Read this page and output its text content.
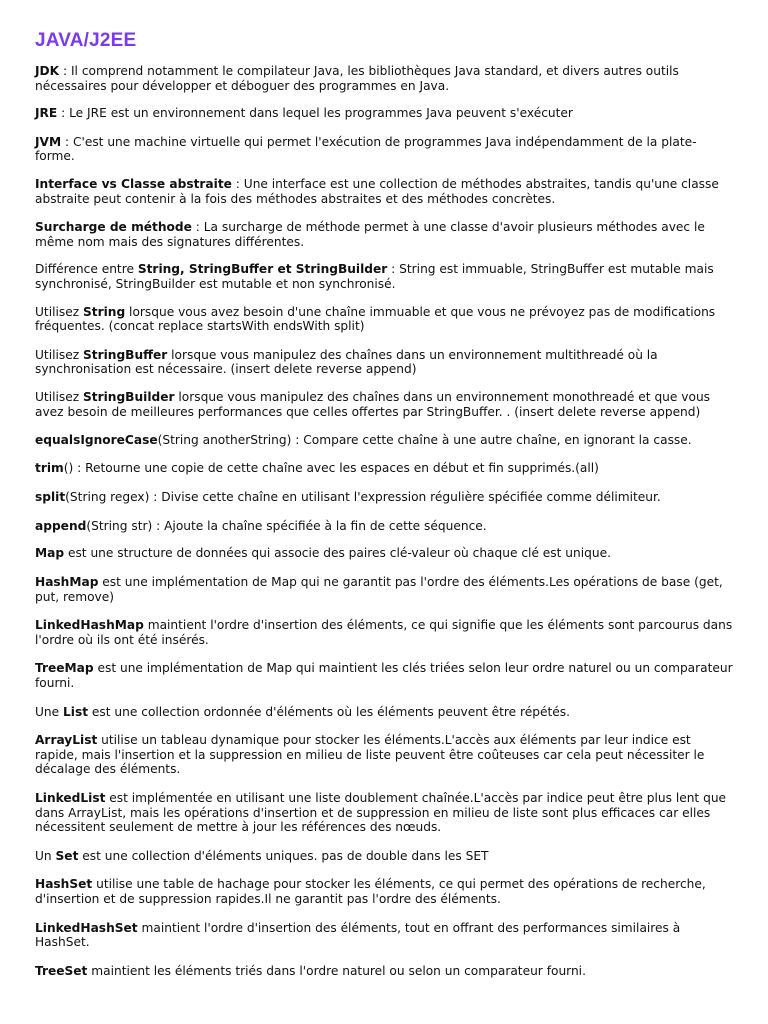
JAVA/J2EE

JDK : Il comprend notamment le compilateur Java, les bibliothèques Java standard, et divers autres outils nécessaires pour développer et déboguer des programmes en Java.

JRE : Le JRE est un environnement dans lequel les programmes Java peuvent s'exécuter

JVM : C'est une machine virtuelle qui permet l'exécution de programmes Java indépendamment de la plate-forme.

Interface vs Classe abstraite : Une interface est une collection de méthodes abstraites, tandis qu'une classe abstraite peut contenir à la fois des méthodes abstraites et des méthodes concrètes.

Surcharge de méthode : La surcharge de méthode permet à une classe d'avoir plusieurs méthodes avec le même nom mais des signatures différentes.

Différence entre String, StringBuffer et StringBuilder : String est immuable, StringBuffer est mutable mais synchronisé, StringBuilder est mutable et non synchronisé.

Utilisez String lorsque vous avez besoin d'une chaîne immuable et que vous ne prévoyez pas de modifications fréquentes. (concat replace startsWith endsWith split)

Utilisez StringBuffer lorsque vous manipulez des chaînes dans un environnement multithreadé où la synchronisation est nécessaire. (insert delete reverse append)

Utilisez StringBuilder lorsque vous manipulez des chaînes dans un environnement monothreadé et que vous avez besoin de meilleures performances que celles offertes par StringBuffer. . (insert delete reverse append)

equalsIgnoreCase(String anotherString) : Compare cette chaîne à une autre chaîne, en ignorant la casse.

trim() : Retourne une copie de cette chaîne avec les espaces en début et fin supprimés.(all)

split(String regex) : Divise cette chaîne en utilisant l'expression régulière spécifiée comme délimiteur.

append(String str) : Ajoute la chaîne spécifiée à la fin de cette séquence.

Map est une structure de données qui associe des paires clé-valeur où chaque clé est unique.

HashMap est une implémentation de Map qui ne garantit pas l'ordre des éléments.Les opérations de base (get, put, remove)

LinkedHashMap maintient l'ordre d'insertion des éléments, ce qui signifie que les éléments sont parcourus dans l'ordre où ils ont été insérés.

TreeMap est une implémentation de Map qui maintient les clés triées selon leur ordre naturel ou un comparateur fourni.

Une List est une collection ordonnée d'éléments où les éléments peuvent être répétés.

ArrayList utilise un tableau dynamique pour stocker les éléments.L'accès aux éléments par leur indice est rapide, mais l'insertion et la suppression en milieu de liste peuvent être coûteuses car cela peut nécessiter le décalage des éléments.

LinkedList est implémentée en utilisant une liste doublement chaînée.L'accès par indice peut être plus lent que dans ArrayList, mais les opérations d'insertion et de suppression en milieu de liste sont plus efficaces car elles nécessitent seulement de mettre à jour les références des nœuds.

Un Set est une collection d'éléments uniques. pas de double dans les SET

HashSet utilise une table de hachage pour stocker les éléments, ce qui permet des opérations de recherche, d'insertion et de suppression rapides.Il ne garantit pas l'ordre des éléments.

LinkedHashSet maintient l'ordre d'insertion des éléments, tout en offrant des performances similaires à HashSet.

TreeSet maintient les éléments triés dans l'ordre naturel ou selon un comparateur fourni.
